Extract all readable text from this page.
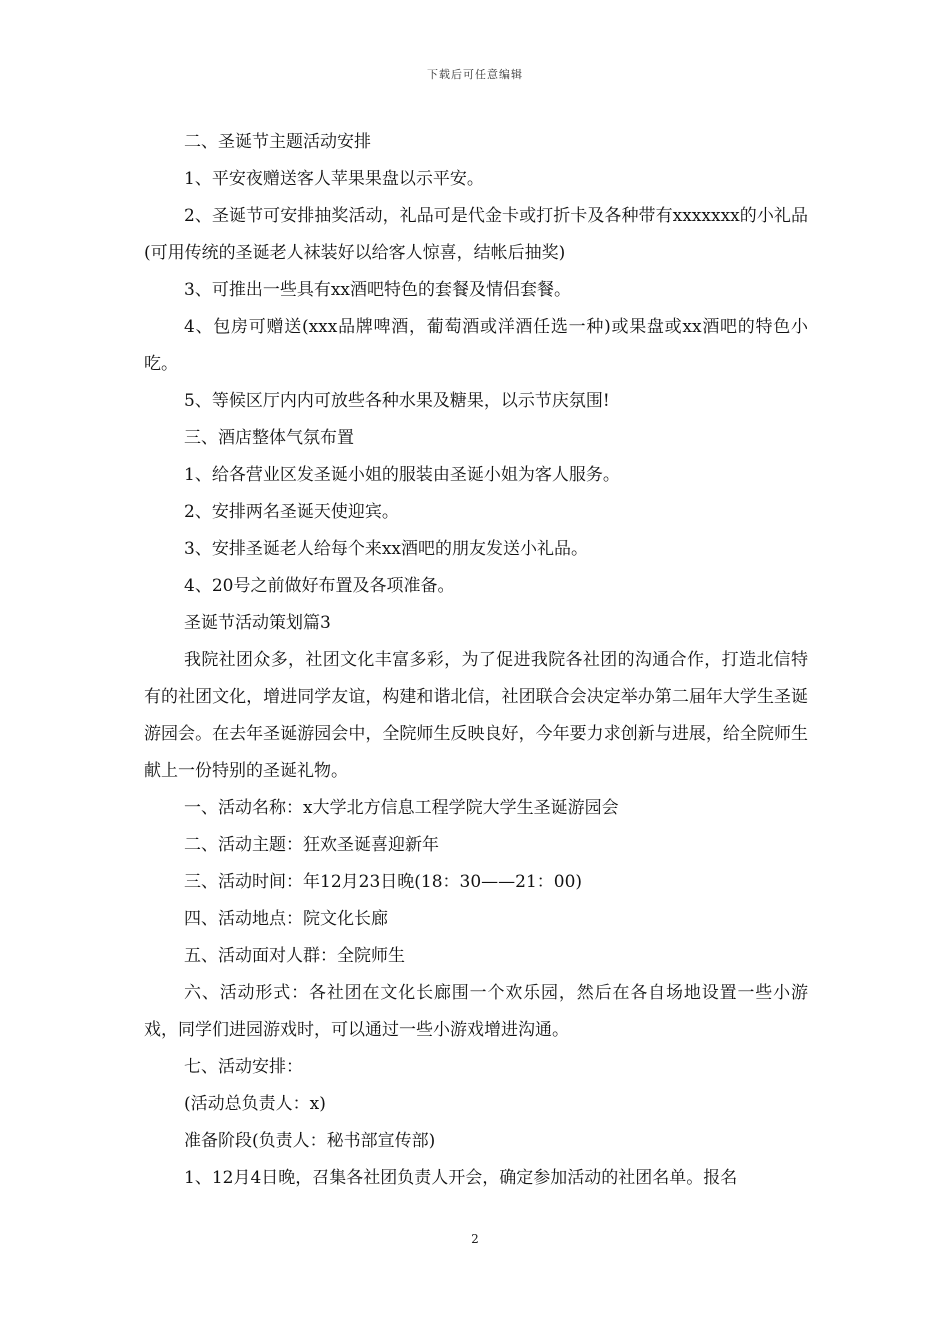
下载后可任意编辑

二、圣诞节主题活动安排

1、平安夜赠送客人苹果果盘以示平安。

2、圣诞节可安排抽奖活动，礼品可是代金卡或打折卡及各种带有xxxxxxx的小礼品(可用传统的圣诞老人袜装好以给客人惊喜，结帐后抽奖)

3、可推出一些具有xx酒吧特色的套餐及情侣套餐。

4、包房可赠送(xxx品牌啤酒，葡萄酒或洋酒任选一种)或果盘或xx酒吧的特色小吃。

5、等候区厅内内可放些各种水果及糖果，以示节庆氛围!

三、酒店整体气氛布置

1、给各营业区发圣诞小姐的服装由圣诞小姐为客人服务。

2、安排两名圣诞天使迎宾。

3、安排圣诞老人给每个来xx酒吧的朋友发送小礼品。

4、20号之前做好布置及各项准备。

圣诞节活动策划篇3

我院社团众多，社团文化丰富多彩，为了促进我院各社团的沟通合作，打造北信特有的社团文化，增进同学友谊，构建和谐北信，社团联合会决定举办第二届年大学生圣诞游园会。在去年圣诞游园会中，全院师生反映良好，今年要力求创新与进展，给全院师生献上一份特别的圣诞礼物。

一、活动名称：x大学北方信息工程学院大学生圣诞游园会

二、活动主题：狂欢圣诞喜迎新年

三、活动时间：年12月23日晚(18：30——21：00)

四、活动地点：院文化长廊

五、活动面对人群：全院师生

六、活动形式：各社团在文化长廊围一个欢乐园，然后在各自场地设置一些小游戏，同学们进园游戏时，可以通过一些小游戏增进沟通。

七、活动安排：

(活动总负责人：x)

准备阶段(负责人：秘书部宣传部)

1、12月4日晚，召集各社团负责人开会，确定参加活动的社团名单。报名

2
